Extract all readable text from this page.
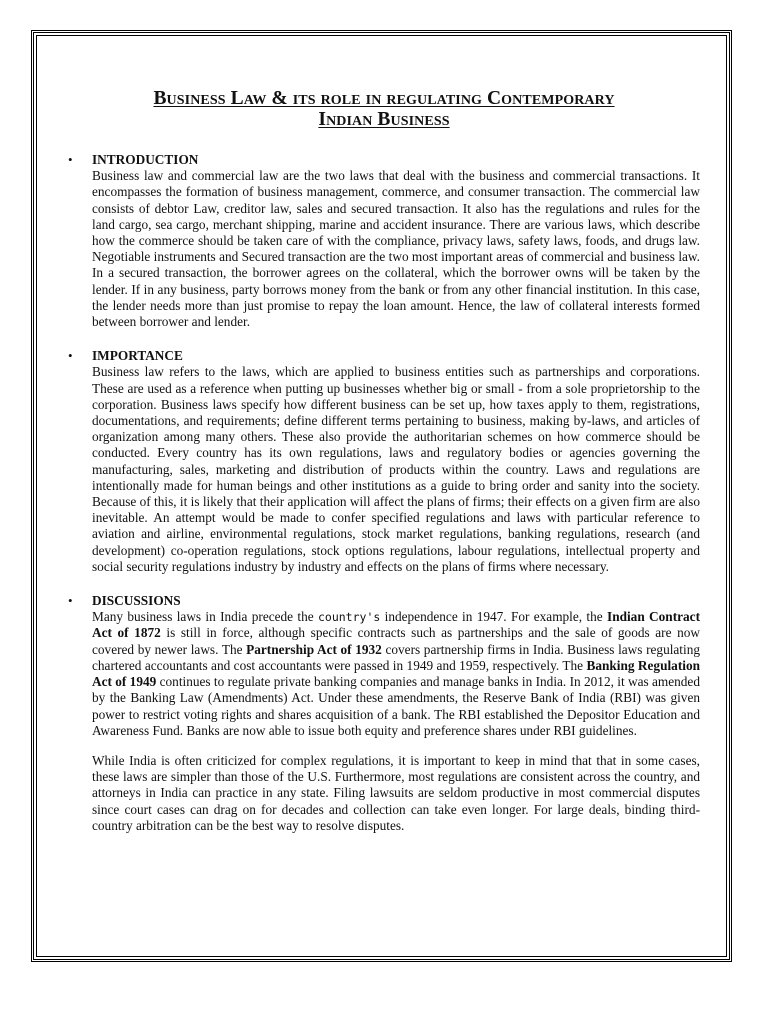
Business Law & its role in regulating Contemporary
Indian Business
• INTRODUCTION

Business law and commercial law are the two laws that deal with the business and commercial transactions. It encompasses the formation of business management, commerce, and consumer transaction. The commercial law consists of debtor Law, creditor law, sales and secured transaction. It also has the regulations and rules for the land cargo, sea cargo, merchant shipping, marine and accident insurance. There are various laws, which describe how the commerce should be taken care of with the compliance, privacy laws, safety laws, foods, and drugs law. Negotiable instruments and Secured transaction are the two most important areas of commercial and business law. In a secured transaction, the borrower agrees on the collateral, which the borrower owns will be taken by the lender. If in any business, party borrows money from the bank or from any other financial institution. In this case, the lender needs more than just promise to repay the loan amount. Hence, the law of collateral interests formed between borrower and lender.

• IMPORTANCE

Business law refers to the laws, which are applied to business entities such as partnerships and corporations. These are used as a reference when putting up businesses whether big or small - from a sole proprietorship to the corporation. Business laws specify how different business can be set up, how taxes apply to them, registrations, documentations, and requirements; define different terms pertaining to business, making by-laws, and articles of organization among many others. These also provide the authoritarian schemes on how commerce should be conducted. Every country has its own regulations, laws and regulatory bodies or agencies governing the manufacturing, sales, marketing and distribution of products within the country. Laws and regulations are intentionally made for human beings and other institutions as a guide to bring order and sanity into the society. Because of this, it is likely that their application will affect the plans of firms; their effects on a given firm are also inevitable. An attempt would be made to confer specified regulations and laws with particular reference to aviation and airline, environmental regulations, stock market regulations, banking regulations, research (and development) co-operation regulations, stock options regulations, labour regulations, intellectual property and social security regulations industry by industry and effects on the plans of firms where necessary.

• DISCUSSIONS

Many business laws in India precede the country's independence in 1947. For example, the Indian Contract Act of 1872 is still in force, although specific contracts such as partnerships and the sale of goods are now covered by newer laws. The Partnership Act of 1932 covers partnership firms in India. Business laws regulating chartered accountants and cost accountants were passed in 1949 and 1959, respectively. The Banking Regulation Act of 1949 continues to regulate private banking companies and manage banks in India. In 2012, it was amended by the Banking Law (Amendments) Act. Under these amendments, the Reserve Bank of India (RBI) was given power to restrict voting rights and shares acquisition of a bank. The RBI established the Depositor Education and Awareness Fund. Banks are now able to issue both equity and preference shares under RBI guidelines.

While India is often criticized for complex regulations, it is important to keep in mind that that in some cases, these laws are simpler than those of the U.S. Furthermore, most regulations are consistent across the country, and attorneys in India can practice in any state. Filing lawsuits are seldom productive in most commercial disputes since court cases can drag on for decades and collection can take even longer. For large deals, binding third-country arbitration can be the best way to resolve disputes.
